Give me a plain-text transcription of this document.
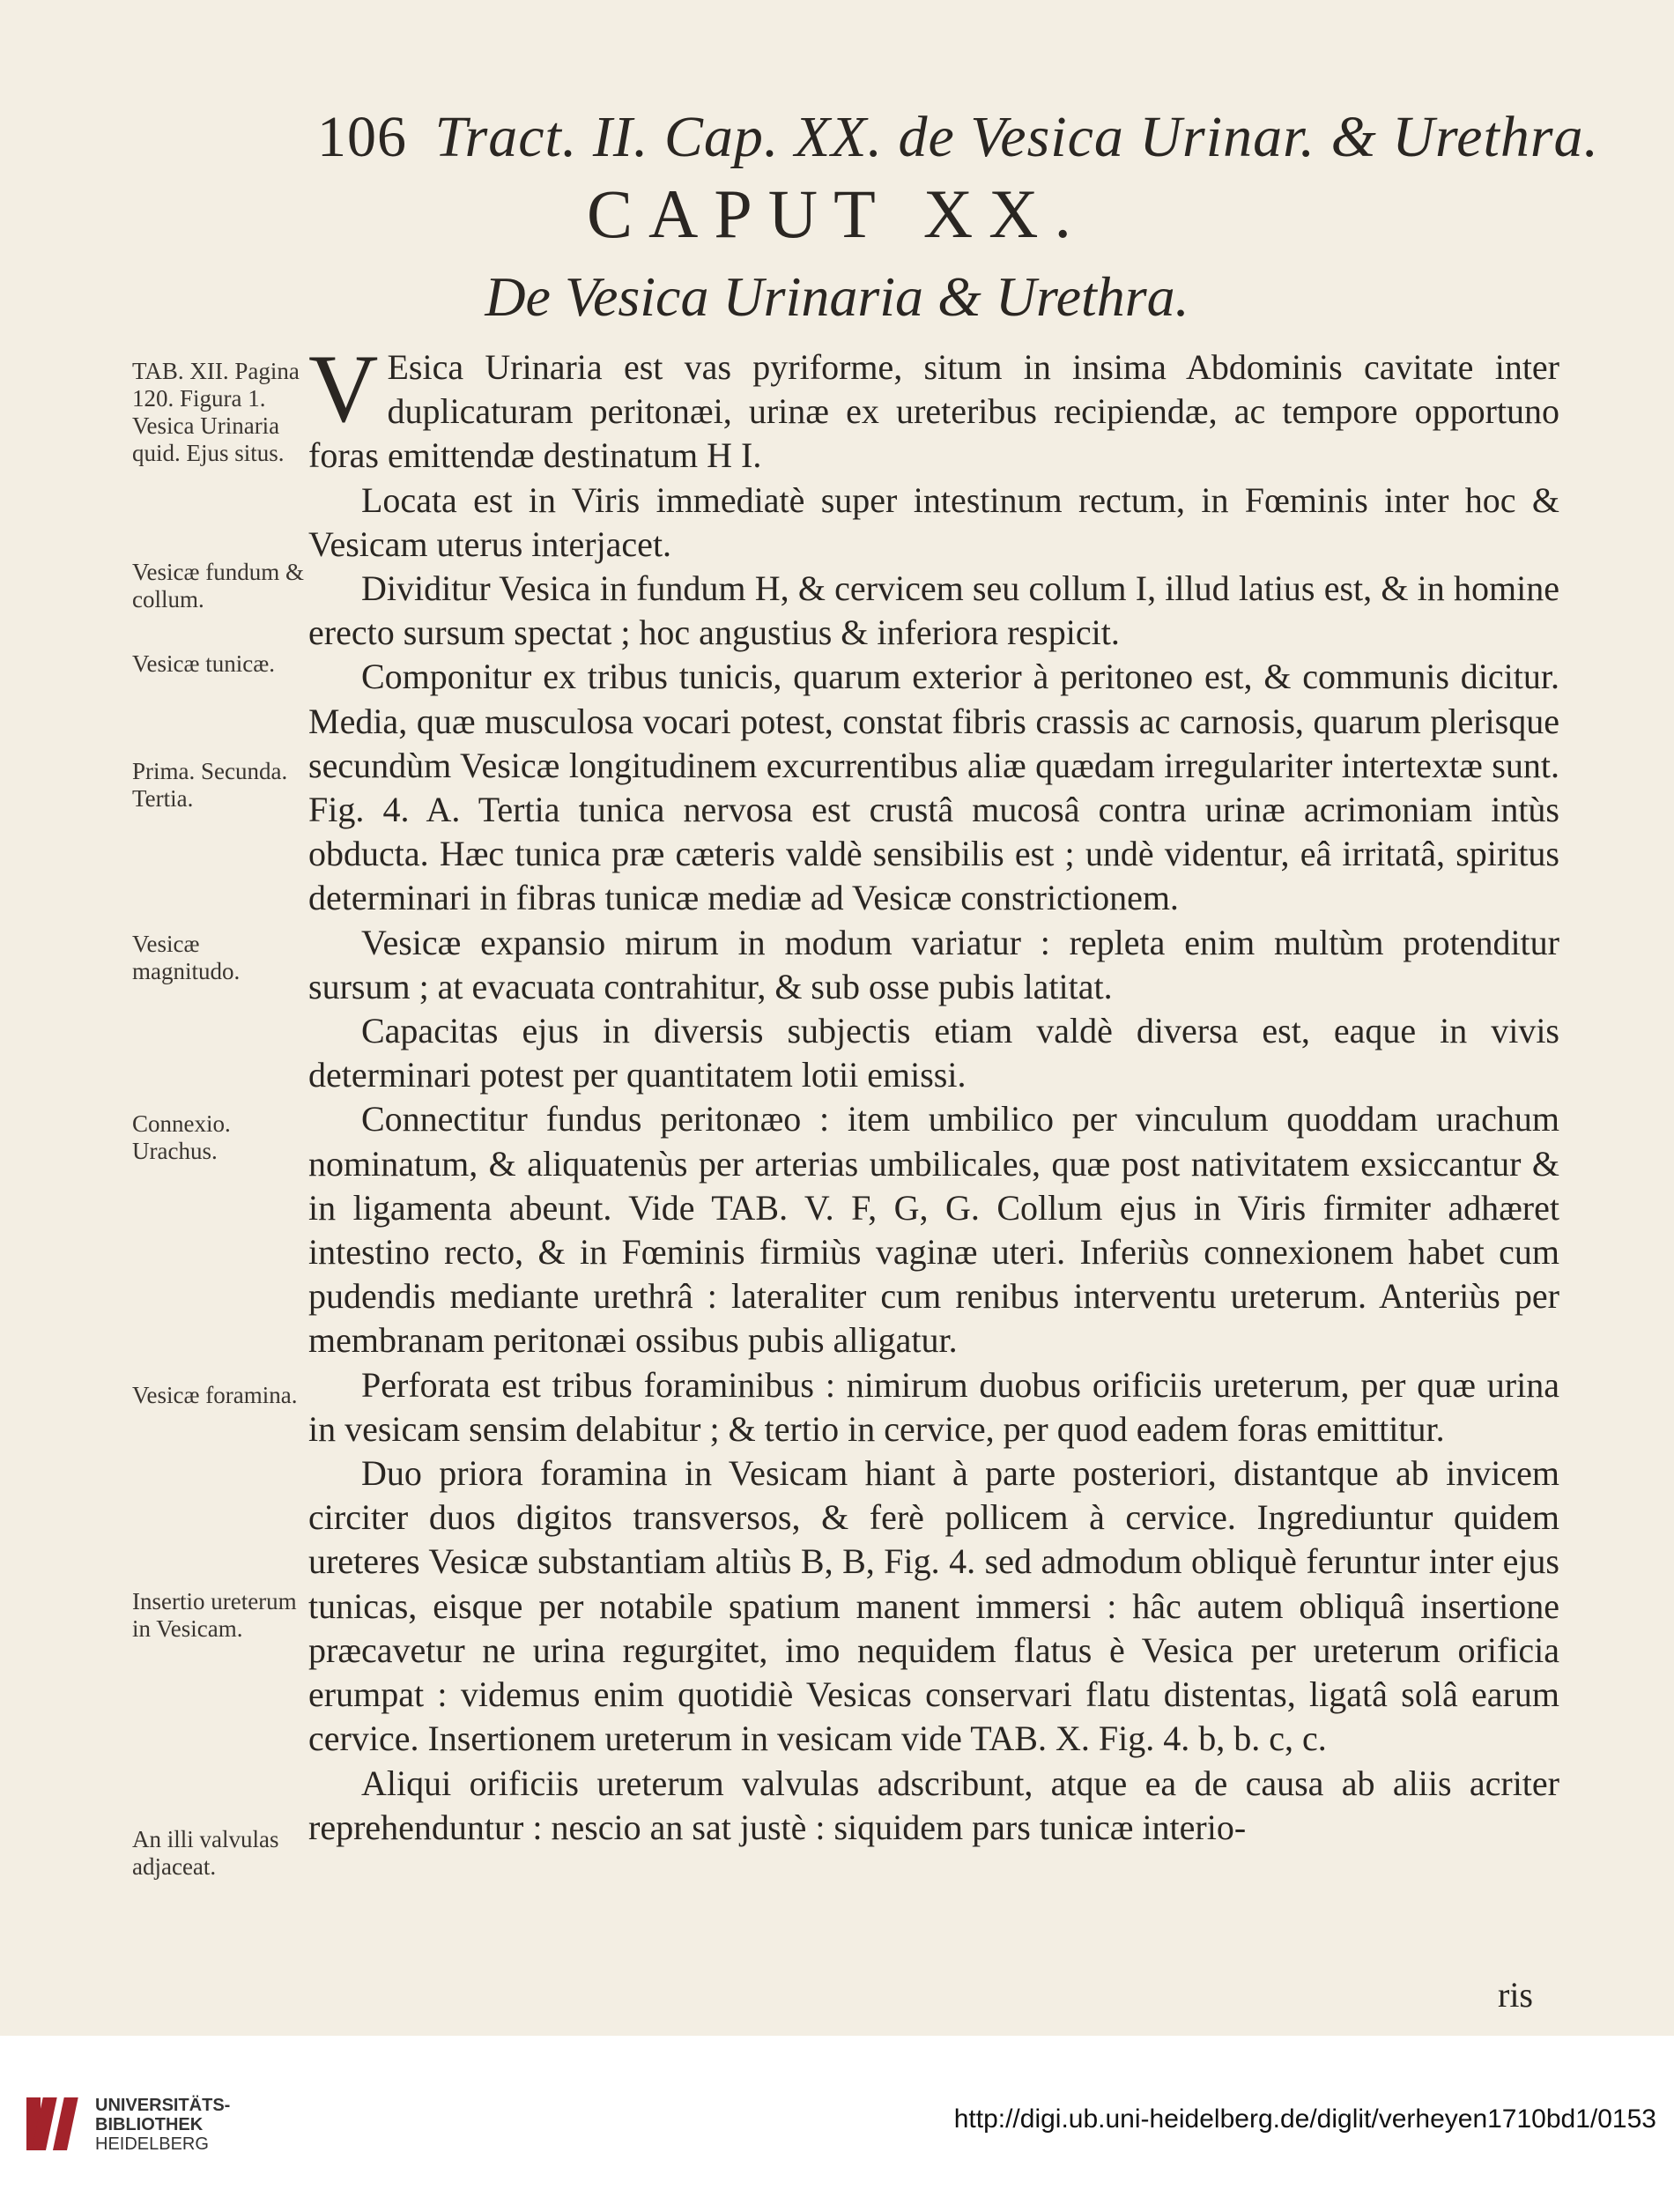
106 Tract. II. Cap. XX. de Vesica Urinar. & Urethra.
CAPUT XX.
De Vesica Urinaria & Urethra.
TAB. XII. Pagina 120. Figura 1. Vesica Urinaria quid. Ejus situs.
Vesicæ fundum & collum.
Vesicæ tunicæ.
Prima. Secunda. Tertia.
Vesicæ magnitudo.
Connexio. Urachus.
Vesicæ foramina.
Insertio ureterum in Vesicam.
An illi valvulas adjaceat.

VEsica Urinaria est vas pyriforme, situm in insima Abdominis cavitate inter duplicaturam peritonæi, urinæ ex ureteribus recipiendæ, ac tempore opportuno foras emittendæ destinatum H I.

Locata est in Viris immediatè super intestinum rectum, in Fœminis inter hoc & Vesicam uterus interjacet.

Dividitur Vesica in fundum H, & cervicem seu collum I, illud latius est, & in homine erecto sursum spectat ; hoc angustius & inferiora respicit.

Componitur ex tribus tunicis, quarum exterior à peritoneo est, & communis dicitur. Media, quæ musculosa vocari potest, constat fibris crassis ac carnosis, quarum plerisque secundùm Vesicæ longitudinem excurrentibus aliæ quædam irregulariter intertextæ sunt. Fig. 4. A. Tertia tunica nervosa est crustâ mucosâ contra urinæ acrimoniam intùs obducta. Hæc tunica præ cæteris valdè sensibilis est ; undè videntur, eâ irritatâ, spiritus determinari in fibras tunicæ mediæ ad Vesicæ constrictionem.

Vesicæ expansio mirum in modum variatur : repleta enim multùm protenditur sursum ; at evacuata contrahitur, & sub osse pubis latitat.

Capacitas ejus in diversis subjectis etiam valdè diversa est, eaque in vivis determinari potest per quantitatem lotii emissi.

Connectitur fundus peritonæo : item umbilico per vinculum quoddam urachum nominatum, & aliquatenùs per arterias umbilicales, quæ post nativitatem exsiccantur & in ligamenta abeunt. Vide TAB. V. F, G, G. Collum ejus in Viris firmiter adhæret intestino recto, & in Fœminis firmiùs vaginæ uteri. Inferiùs connexionem habet cum pudendis mediante urethrâ : lateraliter cum renibus interventu ureterum. Anteriùs per membranam peritonæi ossibus pubis alligatur.

Perforata est tribus foraminibus : nimirum duobus orificiis ureterum, per quæ urina in vesicam sensim delabitur ; & tertio in cervice, per quod eadem foras emittitur.

Duo priora foramina in Vesicam hiant à parte posteriori, distantque ab invicem circiter duos digitos transversos, & ferè pollicem à cervice. Ingrediuntur quidem ureteres Vesicæ substantiam altiùs B, B, Fig. 4. sed admodum obliquè feruntur inter ejus tunicas, eisque per notabile spatium manent immersi : hâc autem obliquâ insertione præcavetur ne urina regurgitet, imo nequidem flatus è Vesica per ureterum orificia erumpat : videmus enim quotidiè Vesicas conservari flatu distentas, ligatâ solâ earum cervice. Insertionem ureterum in vesicam vide TAB. X. Fig. 4. b, b. c, c.

Aliqui orificiis ureterum valvulas adscribunt, atque ea de causa ab aliis acriter reprehenduntur : nescio an sat justè : siquidem pars tunicæ interio-

ris
UNIVERSITÄTS-
BIBLIOTHEK
HEIDELBERG
http://digi.ub.uni-heidelberg.de/diglit/verheyen1710bd1/0153
